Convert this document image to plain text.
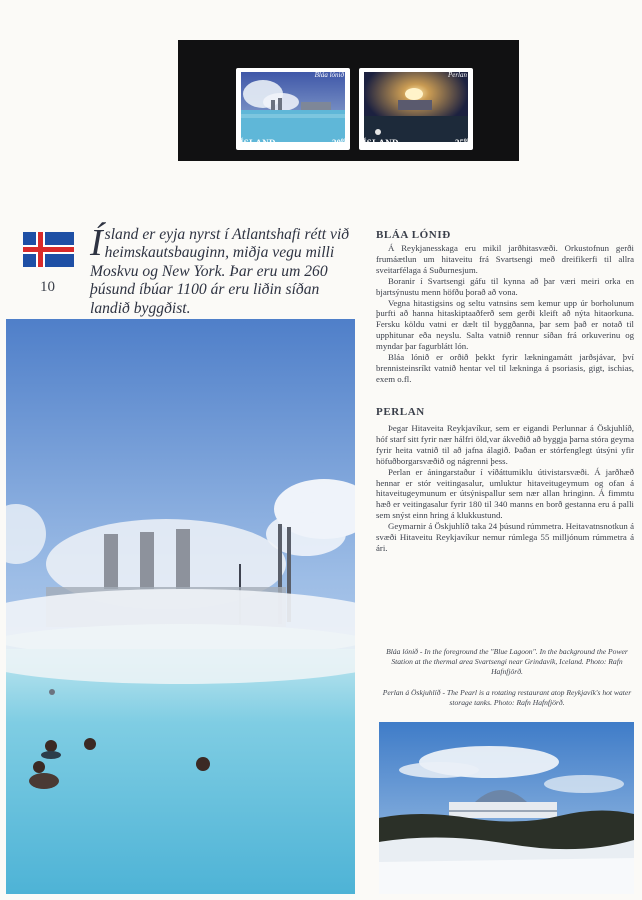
Bláa lónið
ÍSLAND	$30^{00}$
Perlan
ÍSLAND	$35^{00}$
10

Ísland er eyja nyrst í Atlantshafi rétt við heimskautsbauginn, miðja vegu milli Moskvu og New York. Þar eru um 260 þúsund íbúar 1100 ár eru liðin síðan landið byggðist.

BLÁA LÓNIÐ

Á Reykjanesskaga eru mikil jarðhitasvæði. Orkustofnun gerði frumáætlun um hitaveitu frá Svartsengi með dreifikerfi til allra sveitarfélaga á Suðurnesjum.

Boranir í Svartsengi gáfu til kynna að þar væri meiri orka en bjartsýnustu menn höfðu þorað að vona.

Vegna hitastigsins og seltu vatnsins sem kemur upp úr borholunum þurfti að hanna hitaskiptaaðferð sem gerði kleift að nýta hitaorkuna. Fersku köldu vatni er dælt til byggðanna, þar sem það er notað til upphitunar eða neyslu. Salta vatnið rennur síðan frá orkuverinu og myndar þar fagurblátt lón.

Bláa lónið er orðið þekkt fyrir lækningamátt jarðsjávar, því brennisteinsríkt vatnið hentar vel til lækninga á psoriasis, gigt, ischias, exem o.fl.

PERLAN

Þegar Hitaveita Reykjavíkur, sem er eigandi Perlunnar á Öskjuhlíð, hóf starf sitt fyrir nær hálfri öld,var ákveðið að byggja þarna stóra geyma fyrir heita vatnið til að jafna álagið. Þaðan er stórfenglegt útsýni yfir höfuðborgarsvæðið og nágrenni þess.

Perlan er áningarstaður í víðáttumiklu útivistarsvæði. Á jarðhæð hennar er stór veitingasalur, umluktur hitaveitugeymum og ofan á hitaveitugeymunum er útsýnispallur sem nær allan hringinn. Á fimmtu hæð er veitingasalur fyrir 180 til 340 manns en borð gestanna eru á palli sem snýst einn hring á klukkustund.

Geymarnir á Öskjuhlíð taka 24 þúsund rúmmetra. Heitavatnsnotkun á svæði Hitaveitu Reykjavíkur nemur rúmlega 55 milljónum rúmmetra á ári.

Bláa lónið - In the foreground the "Blue Lagoon". In the background the Power Station at the thermal area Svartsengi near Grindavík, Iceland. Photo: Rafn Hafnfjörð.

Perlan á Öskjuhlíð - The Pearl is a rotating restaurant atop Reykjavík's hot water storage tanks. Photo: Rafn Hafnfjörð.
